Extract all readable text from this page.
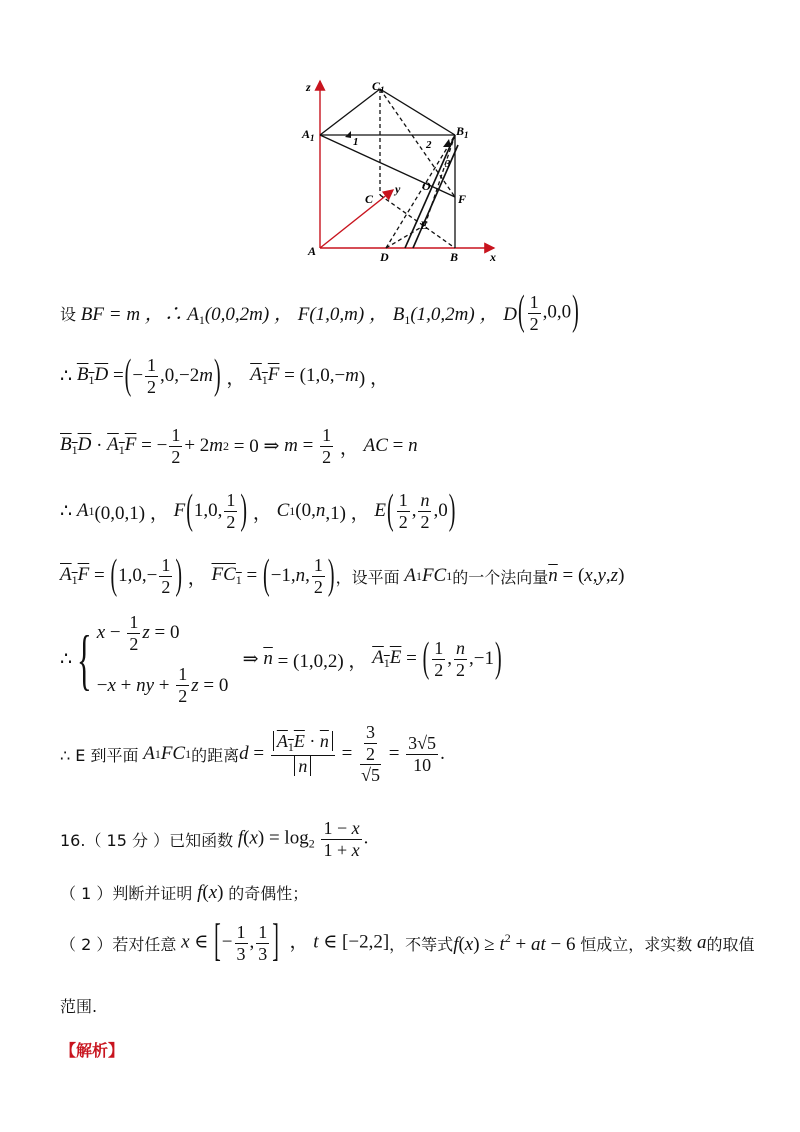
z
x
y
$C_1$
$A_1$	$B_1$
1	2
3
O
F
C
E
A	D	B
设 BF = m ，∴ $A_1(0,0,2m)$ ， F(1,0,m) ， $B_1(1,0,2m)$ ， D ( $\frac{1}{2} ,0,0$)
∴
$B_1D$
= ( − $\frac{1}{2} ,0,-2$ m ) ， $A_1F$
= (1,0,− m ) ，
$B_1D \cdot A_1F$ = − $\frac{1}{2} + 2$ m 2 = 0 ⇒ $m = \frac{1}{2}$ ， AC = n
∴ A 1 (0,0,1) ， F ( 1,0, $\frac{1}{2}$ ) ， C 1 (0, n ,1) ， E ( $\frac{1}{2}$ , $\frac{n}{2} ,0$ )
$A_1F$ = ( $1,0,- \frac{1}{2}$ ) ， $FC_1$ = ( −1, n , $\frac{1}{2}$ ) ，设平面
A 1 FC 1 的一个法向量 $\overline{n}$ = ( x , y , z )
∴ { $x - \frac{1}{2}$ z = 0
− x + ny + $\frac{1}{2}$ z = 0
⇒ $\overline{n} = (1,0,2)$ ， $A_1E$ = ( $\frac{1}{2}$ , $\frac{n}{2} ,-1$ )
∴ E 到平面
A 1 FC 1 的距离 $d = \frac{A_1E \cdot \overline{n}}{n} = \frac{\frac{3}{2}}{√5} = \frac{3√5}{10}$ .
16.（ 15 分 ）已知函数 $f(x) = \log_2 \frac{1 - x}{1 + x}$ .
（ 1 ）判断并证明 f(x) 的奇偶性；
（ 2 ）若对任意 x ∈ [− $\frac{1}{3}$ , $\frac{1}{3}$ ]  ， t ∈ [−2,2] ，不等式 $f(x) \ge t^2$ + at − 6 恒成立，求实数 a 的取值
范围.
【解析】
